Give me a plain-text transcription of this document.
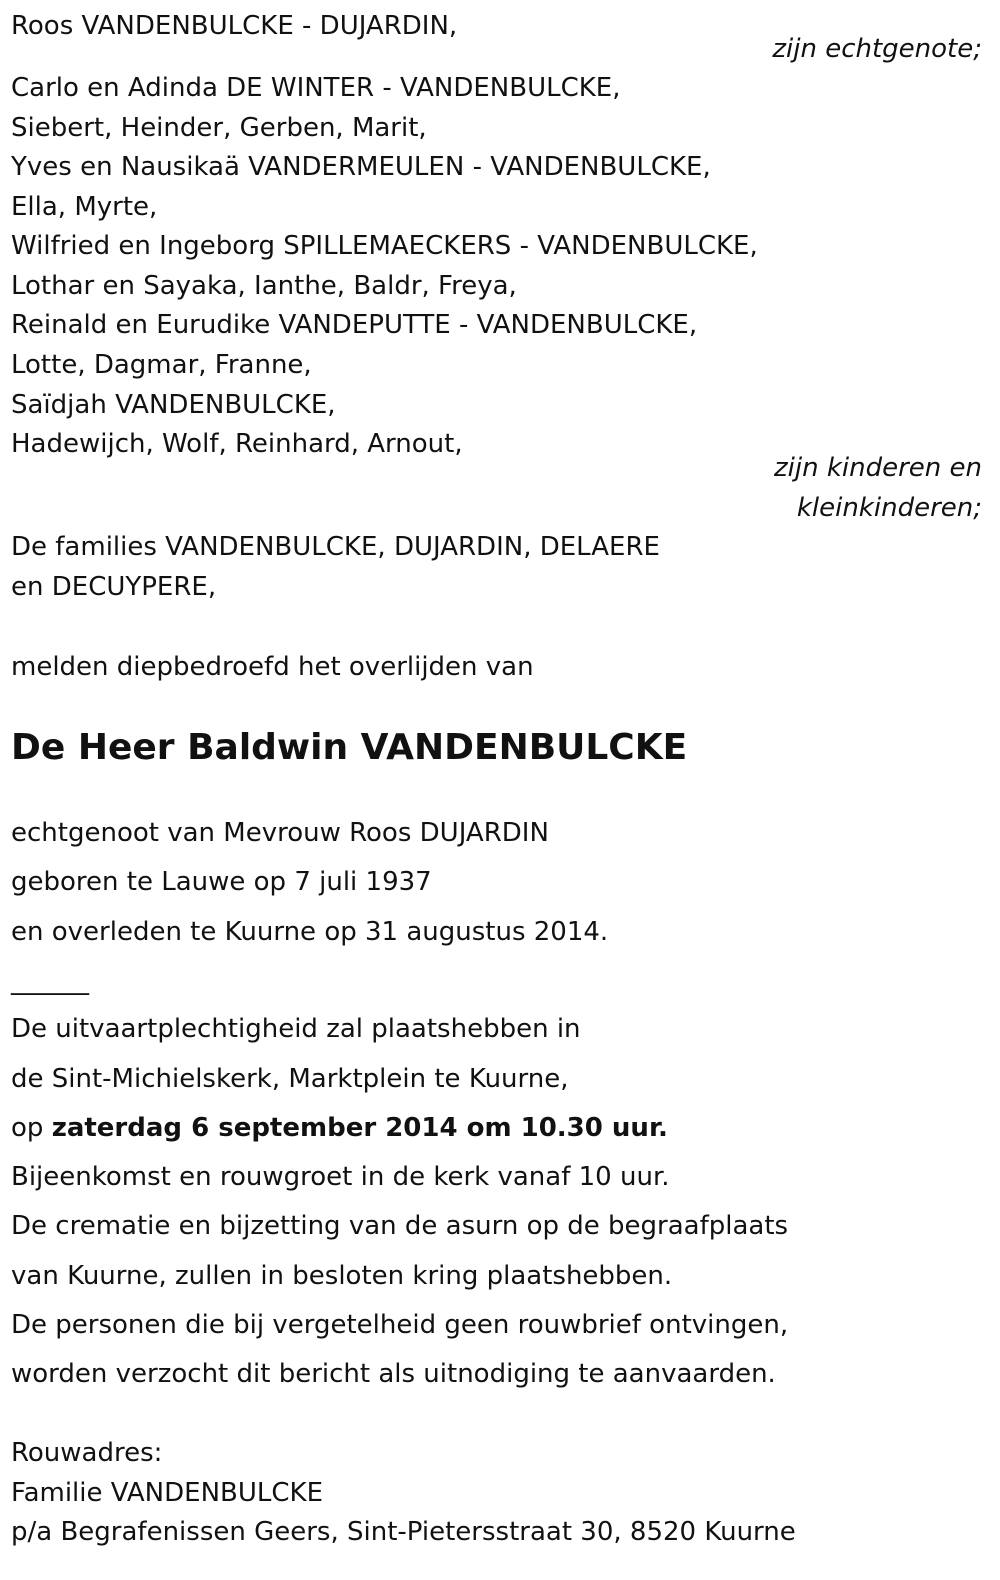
Roos VANDENBULCKE - DUJARDIN,
zijn echtgenote;
Carlo en Adinda DE WINTER - VANDENBULCKE,
Siebert, Heinder, Gerben, Marit,
Yves en Nausikaä VANDERMEULEN - VANDENBULCKE,
Ella, Myrte,
Wilfried en Ingeborg SPILLEMAECKERS - VANDENBULCKE,
Lothar en Sayaka, Ianthe, Baldr, Freya,
Reinald en Eurudike VANDEPUTTE - VANDENBULCKE,
Lotte, Dagmar, Franne,
Saïdjah VANDENBULCKE,
Hadewijch, Wolf, Reinhard, Arnout,
zijn kinderen en
kleinkinderen;
De families VANDENBULCKE, DUJARDIN, DELAERE
en DECUYPERE,
melden diepbedroefd het overlijden van
De Heer Baldwin VANDENBULCKE
echtgenoot van Mevrouw Roos DUJARDIN
geboren te Lauwe op 7 juli 1937
en overleden te Kuurne op 31 augustus 2014.
______
De uitvaartplechtigheid zal plaatshebben in
de Sint-Michielskerk, Marktplein te Kuurne,
op zaterdag 6 september 2014 om 10.30 uur.
Bijeenkomst en rouwgroet in de kerk vanaf 10 uur.
De crematie en bijzetting van de asurn op de begraafplaats
van Kuurne, zullen in besloten kring plaatshebben.
De personen die bij vergetelheid geen rouwbrief ontvingen,
worden verzocht dit bericht als uitnodiging te aanvaarden.
Rouwadres:
Familie VANDENBULCKE
p/a Begrafenissen Geers, Sint-Pietersstraat 30, 8520 Kuurne
